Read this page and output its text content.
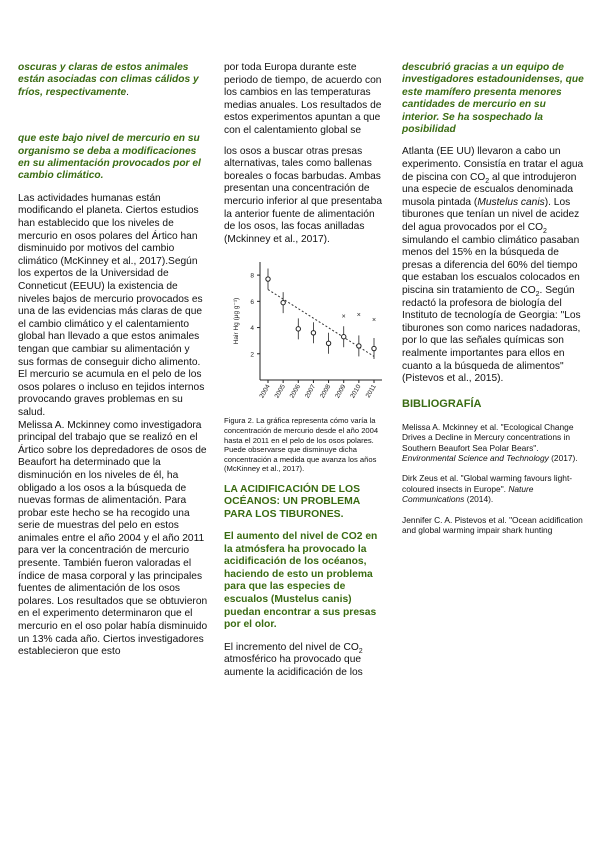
oscuras y claras de estos animales están asociadas con climas cálidos y fríos, respectivamente.

que este bajo nivel de mercurio en su organismo se deba a modificaciones en su alimentación provocados por el cambio climático.

Las actividades humanas están modificando el planeta. Ciertos estudios han establecido que los niveles de mercurio en osos polares del Ártico han disminuido por motivos del cambio climático (McKinney et al., 2017).Según los expertos de la Universidad de Conneticut (EEUU) la existencia de niveles bajos de mercurio provocados es una de las evidencias más claras de que el cambio climático y el calentamiento global han llevado a que estos animales tengan que cambiar su alimentación y sus formas de conseguir dicho alimento. El mercurio se acumula en el pelo de los osos polares o incluso en tejidos internos provocando graves problemas en su salud.

Melissa A. Mckinney como investigadora principal del trabajo que se realizó en el Ártico sobre los depredadores de osos de Beaufort ha determinado que la disminución en los niveles de él, ha obligado a los osos a la búsqueda de nuevas formas de alimentación. Para probar este hecho se ha recogido una serie de muestras del pelo en estos animales entre el año 2004 y el año 2011 para ver la concentración de mercurio presente. También fueron valoradas el índice de masa corporal y las principales fuentes de alimentación de los osos polares. Los resultados que se obtuvieron en el experimento determinaron que el mercurio en el oso polar había disminuido un 13% cada año. Ciertos investigadores establecieron que esto

por toda Europa durante este periodo de tiempo, de acuerdo con los cambios en las temperaturas medias anuales. Los resultados de estos experimentos apuntan a que con el calentamiento global se

los osos a buscar otras presas alternativas, tales como ballenas boreales o focas barbudas. Ambas presentan una concentración de mercurio inferior al que presentaba la anterior fuente de alimentación de los osos, las focas anilladas (Mckinney et al., 2017).

2
4
6
8
Hair Hg (μg g⁻¹)
2004 2005 2006 2007 2008 2009 2010 2011
× ×
×

Figura 2. La gráfica representa cómo varía la concentración de mercurio desde el año 2004 hasta el 2011 en el pelo de los osos polares. Puede observarse que disminuye dicha concentración a medida que avanza los años (McKinney et al., 2017).

LA ACIDIFICACIÓN DE LOS OCÉANOS: UN PROBLEMA PARA LOS TIBURONES.

El aumento del nivel de CO2 en la atmósfera ha provocado la acidificación de los océanos, haciendo de esto un problema para que las especies de escualos (Mustelus canis) puedan encontrar a sus presas por el olor.

El incremento del nivel de $CO_2$ atmosférico ha provocado que aumente la acidificación de los

descubrió gracias a un equipo de investigadores estadounidenses, que este mamífero presenta menores cantidades de mercurio en su interior. Se ha sospechado la posibilidad

Atlanta (EE UU) llevaron a cabo un experimento. Consistía en tratar el agua de piscina con $CO_2$ al que introdujeron una especie de escualos denominada musola pintada (Mustelus canis). Los tiburones que tenían un nivel de acidez del agua provocados por el $CO_2$ simulando el cambio climático pasaban menos del 15% en la búsqueda de presas a diferencia del 60% del tiempo que estaban los escualos colocados en piscina sin tratamiento de $CO_2$. Según redactó la profesora de biología del Instituto de tecnología de Georgia: "Los tiburones son como narices nadadoras, por lo que las señales químicas son realmente importantes para ellos en cuanto a la búsqueda de alimentos" (Pistevos et al., 2015).

BIBLIOGRAFÍA

Melissa A. Mckinney et al. "Ecological Change Drives a Decline in Mercury concentrations in Southern Beaufort Sea Polar Bears". Environmental Science and Technology (2017).

Dirk Zeus et al. "Global warming favours light-coloured insects in Europe". Nature Communications (2014).

Jennifer C. A. Pistevos et al. "Ocean acidification and global warming impair shark hunting
